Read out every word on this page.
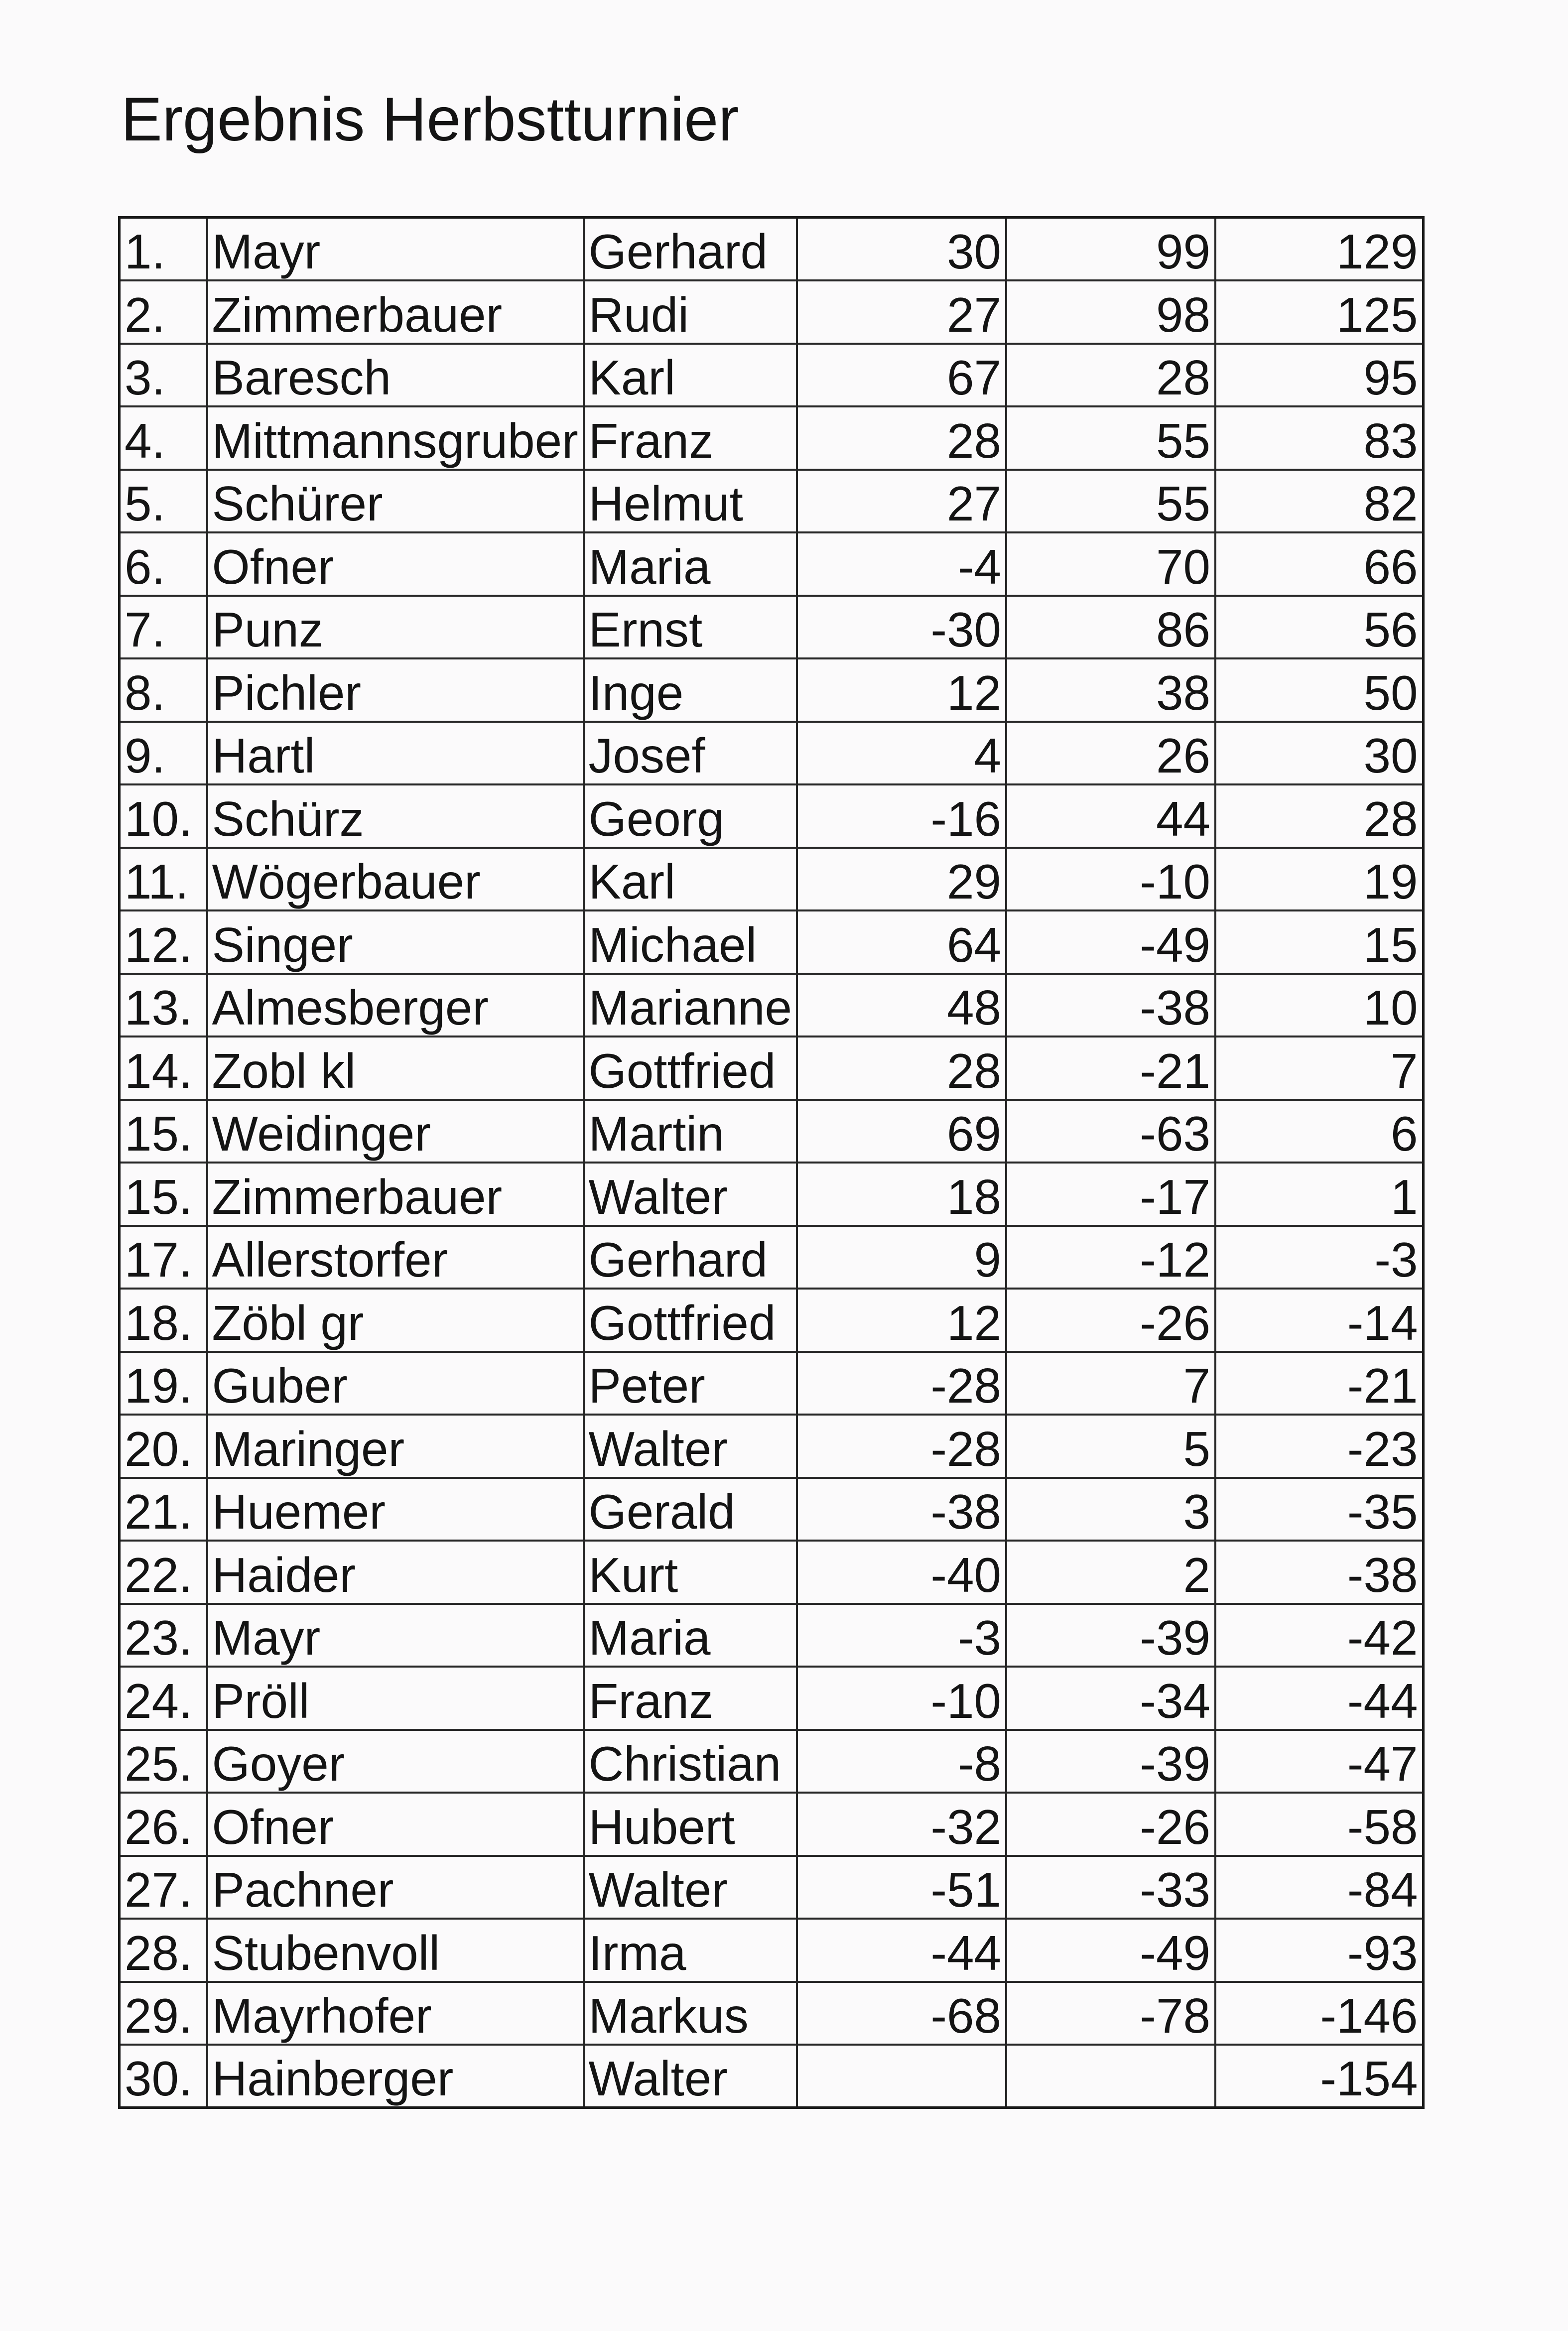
Ergebnis Herbstturnier
1.	Mayr	Gerhard	30	99	129
2.	Zimmerbauer	Rudi	27	98	125
3.	Baresch	Karl	67	28	95
4.	Mittmannsgruber	Franz	28	55	83
5.	Schürer	Helmut	27	55	82
6.	Ofner	Maria	-4	70	66
7.	Punz	Ernst	-30	86	56
8.	Pichler	Inge	12	38	50
9.	Hartl	Josef	4	26	30
10.	Schürz	Georg	-16	44	28
11.	Wögerbauer	Karl	29	-10	19
12.	Singer	Michael	64	-49	15
13.	Almesberger	Marianne	48	-38	10
14.	Zobl kl	Gottfried	28	-21	7
15.	Weidinger	Martin	69	-63	6
15.	Zimmerbauer	Walter	18	-17	1
17.	Allerstorfer	Gerhard	9	-12	-3
18.	Zöbl gr	Gottfried	12	-26	-14
19.	Guber	Peter	-28	7	-21
20.	Maringer	Walter	-28	5	-23
21.	Huemer	Gerald	-38	3	-35
22.	Haider	Kurt	-40	2	-38
23.	Mayr	Maria	-3	-39	-42
24.	Pröll	Franz	-10	-34	-44
25.	Goyer	Christian	-8	-39	-47
26.	Ofner	Hubert	-32	-26	-58
27.	Pachner	Walter	-51	-33	-84
28.	Stubenvoll	Irma	-44	-49	-93
29.	Mayrhofer	Markus	-68	-78	-146
30.	Hainberger	Walter			-154
